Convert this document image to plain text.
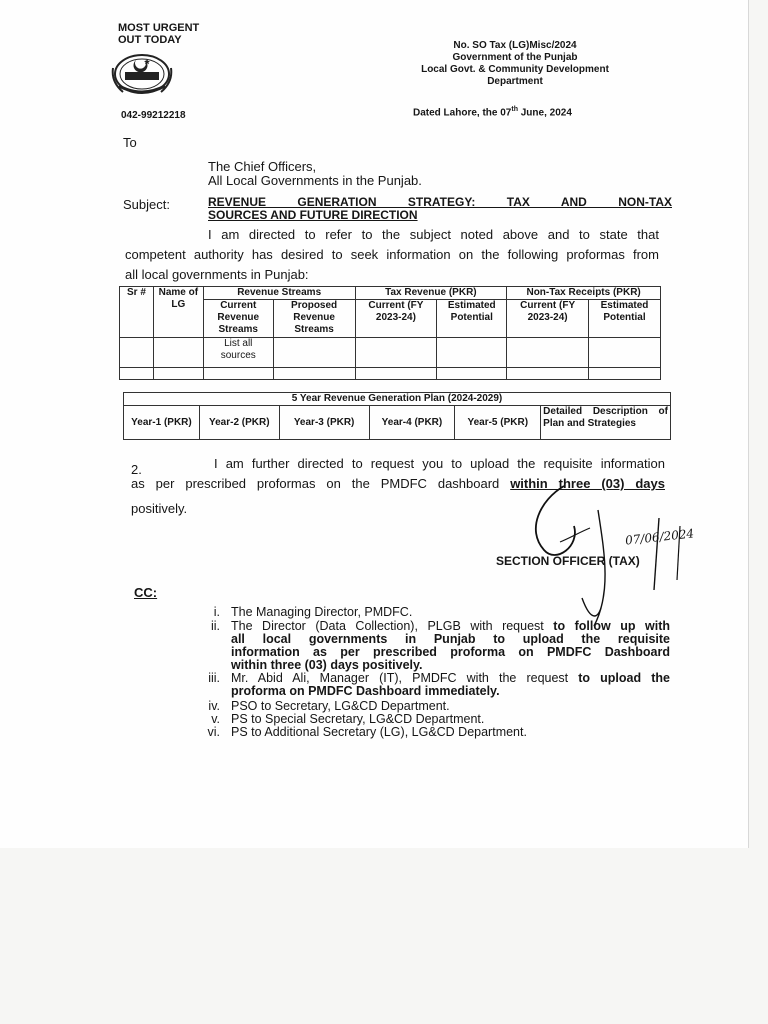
MOST URGENT
OUT TODAY
042-99212218
No. SO Tax (LG)Misc/2024
Government of the Punjab
Local Govt. & Community Development
Department
Dated Lahore, the 07th June, 2024
To
The Chief Officers,
All Local Governments in the Punjab.
Subject:	REVENUE GENERATION STRATEGY: TAX AND NON-TAX
SOURCES AND FUTURE DIRECTION
I am directed to refer to the subject noted above and to state that
competent authority has desired to seek information on the following proformas from
all local governments in Punjab:
Sr #	Name of LG	Revenue Streams		Tax Revenue (PKR)		Non-Tax Receipts (PKR)	
		Current Revenue Streams	Proposed Revenue Streams	Current (FY 2023-24)	Estimated Potential	Current (FY 2023-24)	Estimated Potential
		List all sources					

5 Year Revenue Generation Plan (2024-2029)
Year-1 (PKR)	Year-2 (PKR)	Year-3 (PKR)	Year-4 (PKR)	Year-5 (PKR)	Detailed Description of Plan and Strategies
2.	I am further directed to request you to upload the requisite information
as per prescribed proformas on the PMDFC dashboard within three (03) days
positively.
07/06/2024
SECTION OFFICER (TAX)
CC:
i. The Managing Director, PMDFC.
ii. The Director (Data Collection), PLGB with request to follow up with
all local governments in Punjab to upload the requisite
information as per prescribed proforma on PMDFC Dashboard
within three (03) days positively.
iii. Mr. Abid Ali, Manager (IT), PMDFC with the request to upload the
proforma on PMDFC Dashboard immediately.
iv. PSO to Secretary, LG&CD Department.
v. PS to Special Secretary, LG&CD Department.
vi. PS to Additional Secretary (LG), LG&CD Department.
